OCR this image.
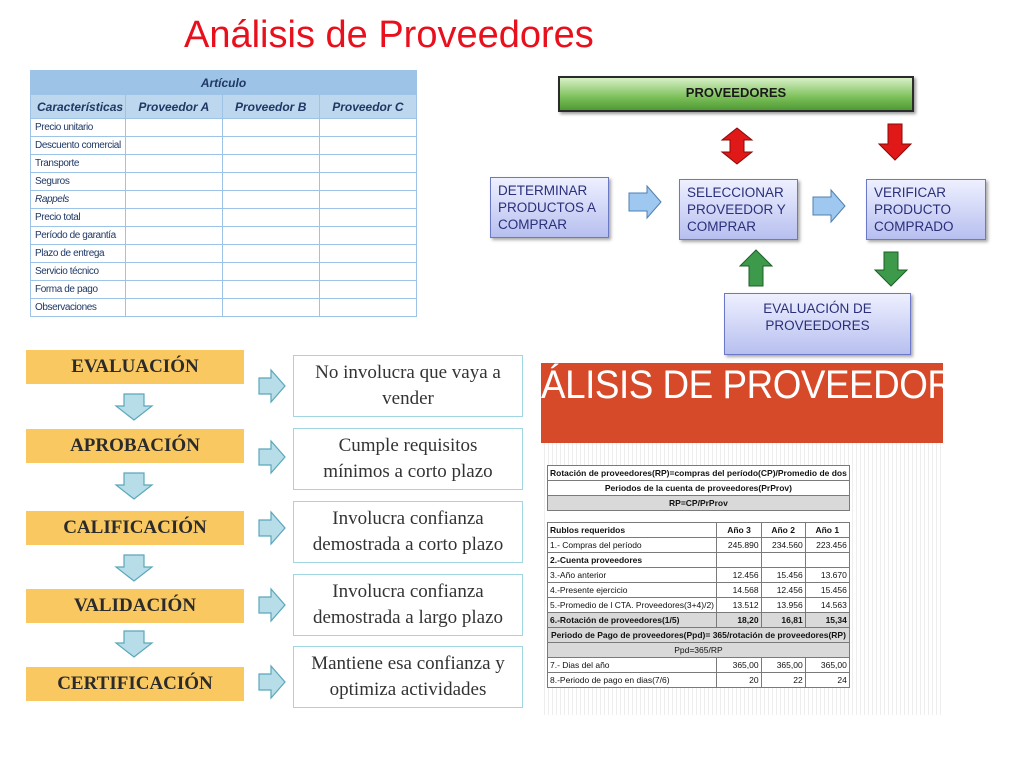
Análisis de Proveedores
Artículo			
Características	Proveedor A	Proveedor B	Proveedor C
Precio unitario			
Descuento comercial			
Transporte			
Seguros			
Rappels			
Precio total			
Período de garantía			
Plazo de entrega			
Servicio técnico			
Forma de pago			
Observaciones			
PROVEEDORES
DETERMINAR
PRODUCTOS A
COMPRAR
SELECCIONAR
PROVEEDOR Y
COMPRAR
VERIFICAR
PRODUCTO
COMPRADO
EVALUACIÓN DE
PROVEEDORES
EVALUACIÓN
APROBACIÓN
CALIFICACIÓN
VALIDACIÓN
CERTIFICACIÓN
No involucra que vaya a
vender
Cumple requisitos
mínimos a corto plazo
Involucra confianza
demostrada a corto plazo
Involucra confianza
demostrada a largo plazo
Mantiene esa confianza y
optimiza actividades
ÁLISIS DE PROVEEDORES
Rotación de proveedores(RP)=compras del período(CP)/Promedio de dos			
Periodos de la cuenta de proveedores(PrProv)			
RP=CP/PrProv			

Rublos requeridos	Año 3	Año 2	Año 1
1.- Compras del período	245.890	234.560	223.456
2.-Cuenta proveedores			
3.-Año anterior	12.456	15.456	13.670
4.-Presente ejercicio	14.568	12.456	15.456
5.-Promedio de l CTA. Proveedores(3+4)/2)	13.512	13.956	14.563
6.-Rotación de proveedores(1/5)	18,20	16,81	15,34
Periodo de Pago de proveedores(Ppd)= 365/rotación de proveedores(RP)			
Ppd=365/RP			
7.- Dias del año	365,00	365,00	365,00
8.-Periodo de pago en dias(7/6)	20	22	24
